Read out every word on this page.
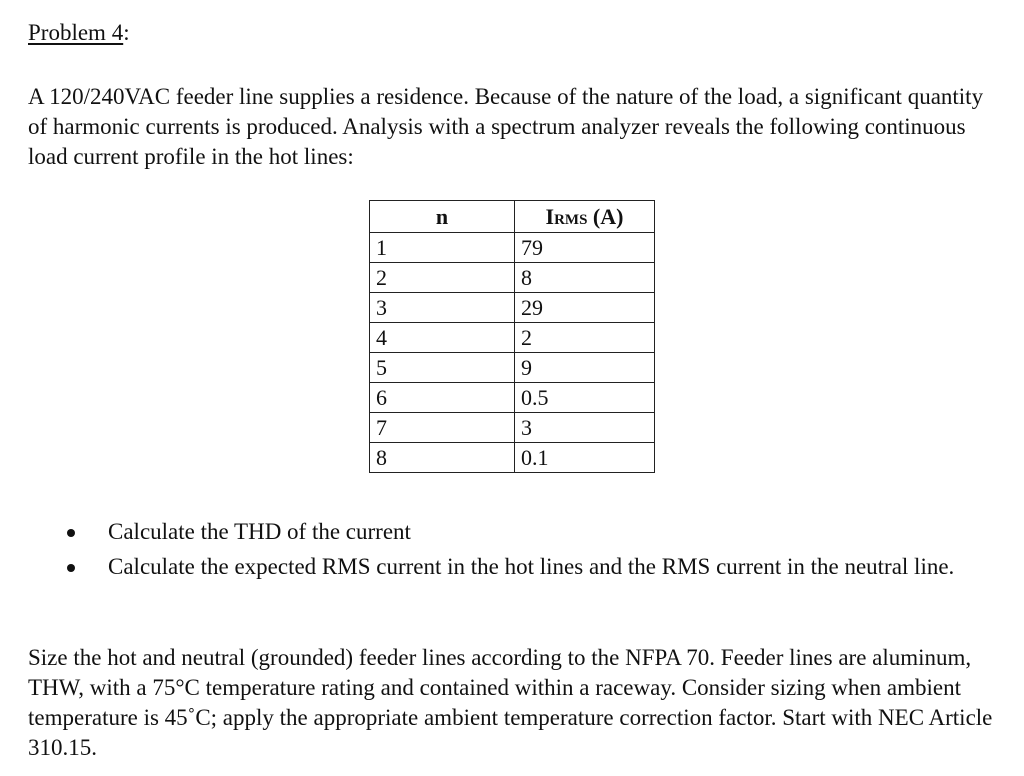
Problem 4:

A 120/240VAC feeder line supplies a residence. Because of the nature of the load, a significant quantity of harmonic currents is produced. Analysis with a spectrum analyzer reveals the following continuous load current profile in the hot lines:

n	IRMS (A)
1	79
2	8
3	29
4	2
5	9
6	0.5
7	3
8	0.1
Calculate the THD of the current
Calculate the expected RMS current in the hot lines and the RMS current in the neutral line.

Size the hot and neutral (grounded) feeder lines according to the NFPA 70. Feeder lines are aluminum, THW, with a 75°C temperature rating and contained within a raceway. Consider sizing when ambient temperature is 45˚C; apply the appropriate ambient temperature correction factor. Start with NEC Article 310.15.
